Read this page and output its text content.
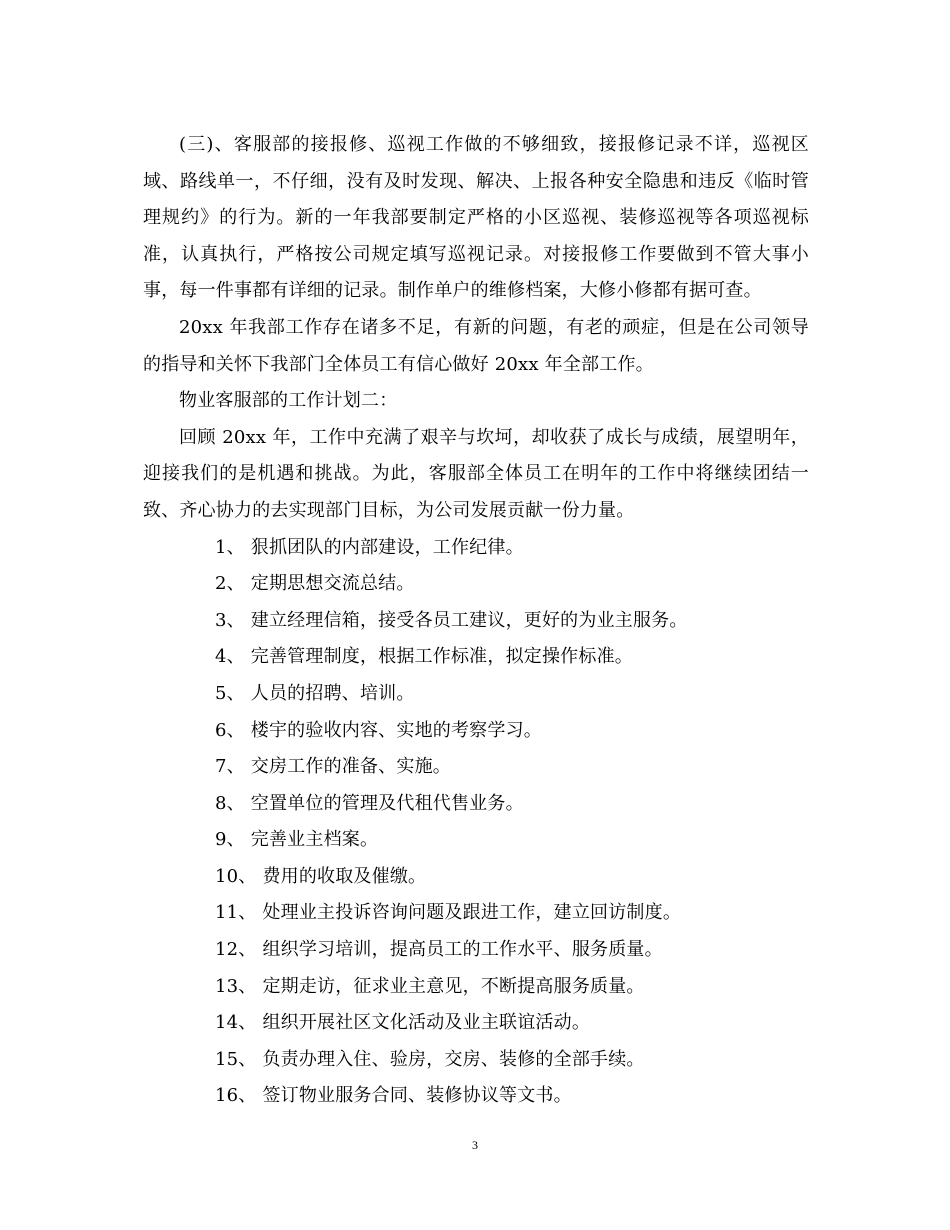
(三)、客服部的接报修、巡视工作做的不够细致，接报修记录不详，巡视区域、路线单一，不仔细，没有及时发现、解决、上报各种安全隐患和违反《临时管理规约》的行为。新的一年我部要制定严格的小区巡视、装修巡视等各项巡视标准，认真执行，严格按公司规定填写巡视记录。对接报修工作要做到不管大事小事，每一件事都有详细的记录。制作单户的维修档案，大修小修都有据可查。

20xx 年我部工作存在诸多不足，有新的问题，有老的顽症，但是在公司领导的指导和关怀下我部门全体员工有信心做好 20xx 年全部工作。

物业客服部的工作计划二：

回顾 20xx 年，工作中充满了艰辛与坎坷，却收获了成长与成绩，展望明年，迎接我们的是机遇和挑战。为此，客服部全体员工在明年的工作中将继续团结一致、齐心协力的去实现部门目标，为公司发展贡献一份力量。

1、 狠抓团队的内部建设，工作纪律。

2、 定期思想交流总结。

3、 建立经理信箱，接受各员工建议，更好的为业主服务。

4、 完善管理制度，根据工作标准，拟定操作标准。

5、 人员的招聘、培训。

6、 楼宇的验收内容、实地的考察学习。

7、 交房工作的准备、实施。

8、 空置单位的管理及代租代售业务。

9、 完善业主档案。

10、 费用的收取及催缴。

11、 处理业主投诉咨询问题及跟进工作，建立回访制度。

12、 组织学习培训，提高员工的工作水平、服务质量。

13、 定期走访，征求业主意见，不断提高服务质量。

14、 组织开展社区文化活动及业主联谊活动。

15、 负责办理入住、验房，交房、装修的全部手续。

16、 签订物业服务合同、装修协议等文书。

3
